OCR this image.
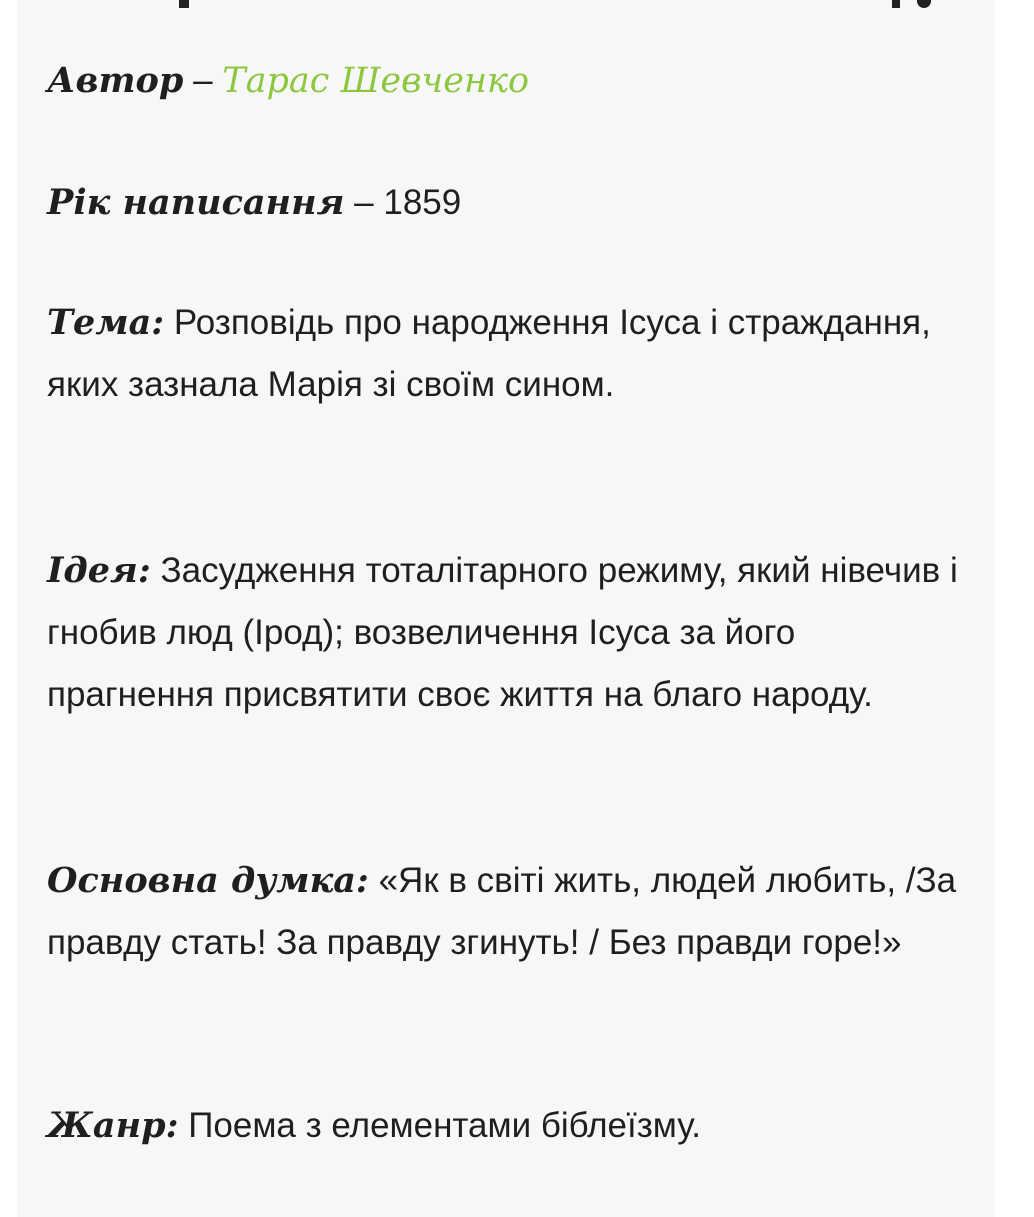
Автор – Тарас Шевченко

Рік написання – 1859

Тема: Розповідь про народження Ісуса і страждання, яких зазнала Марія зі своїм сином.

Ідея: Засудження тоталітарного режиму, який нівечив і гнобив люд (Ірод); возвеличення Ісуса за його прагнення присвятити своє життя на благо народу.

Основна думка: «Як в світі жить, людей любить, /За правду стать! За правду згинуть! / Без правди горе!»

Жанр: Поема з елементами біблеїзму.
